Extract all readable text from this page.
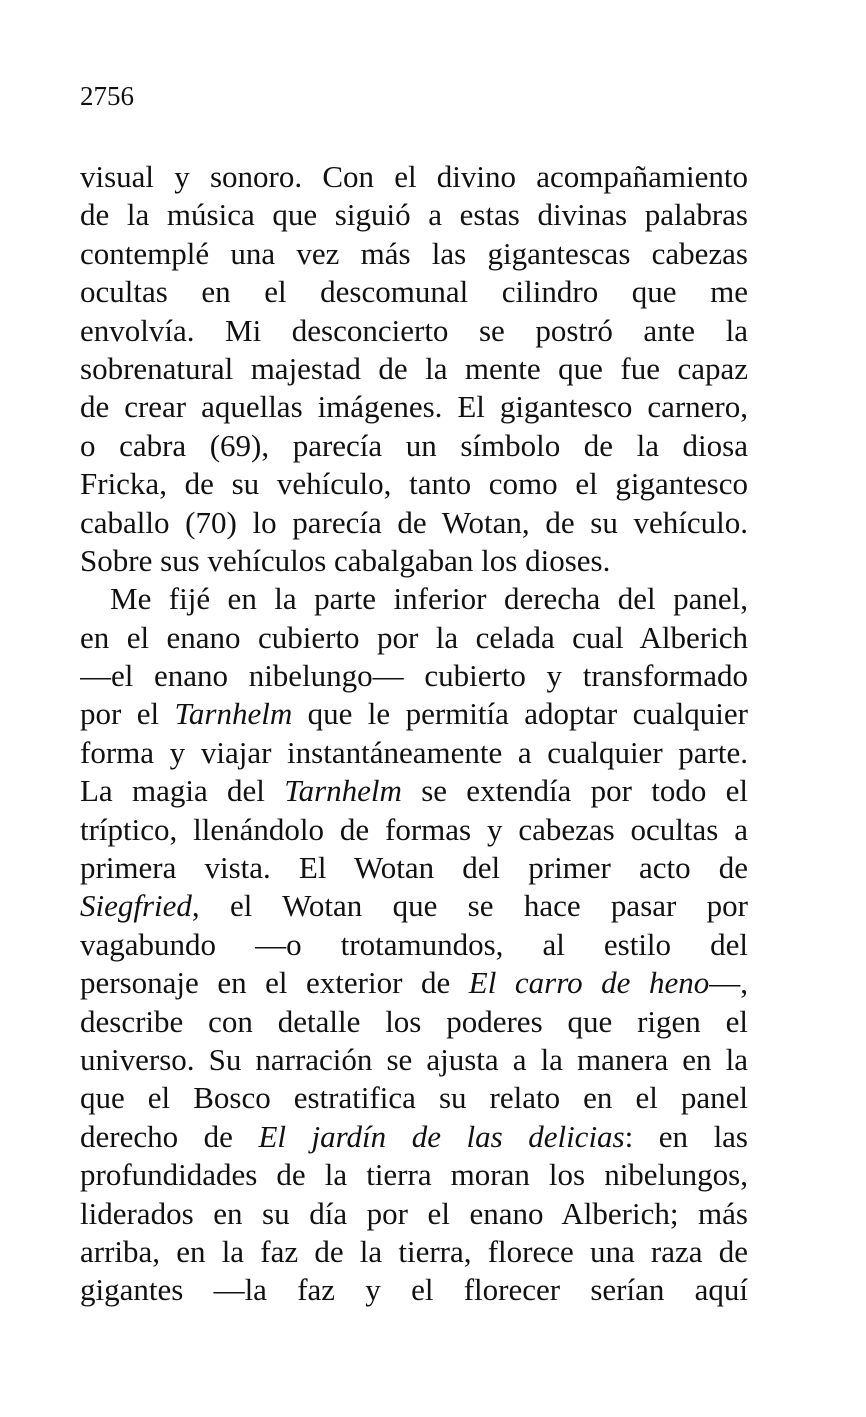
2756
visual y sonoro. Con el divino acompañamiento
de la música que siguió a estas divinas palabras
contemplé una vez más las gigantescas cabezas
ocultas en el descomunal cilindro que me
envolvía. Mi desconcierto se postró ante la
sobrenatural majestad de la mente que fue capaz
de crear aquellas imágenes. El gigantesco carnero,
o cabra (69), parecía un símbolo de la diosa
Fricka, de su vehículo, tanto como el gigantesco
caballo (70) lo parecía de Wotan, de su vehículo.
Sobre sus vehículos cabalgaban los dioses.
Me fijé en la parte inferior derecha del panel,
en el enano cubierto por la celada cual Alberich
—el enano nibelungo— cubierto y transformado
por el Tarnhelm que le permitía adoptar cualquier
forma y viajar instantáneamente a cualquier parte.
La magia del Tarnhelm se extendía por todo el
tríptico, llenándolo de formas y cabezas ocultas a
primera vista. El Wotan del primer acto de
Siegfried, el Wotan que se hace pasar por
vagabundo —o trotamundos, al estilo del
personaje en el exterior de El carro de heno—,
describe con detalle los poderes que rigen el
universo. Su narración se ajusta a la manera en la
que el Bosco estratifica su relato en el panel
derecho de El jardín de las delicias: en las
profundidades de la tierra moran los nibelungos,
liderados en su día por el enano Alberich; más
arriba, en la faz de la tierra, florece una raza de
gigantes —la faz y el florecer serían aquí
